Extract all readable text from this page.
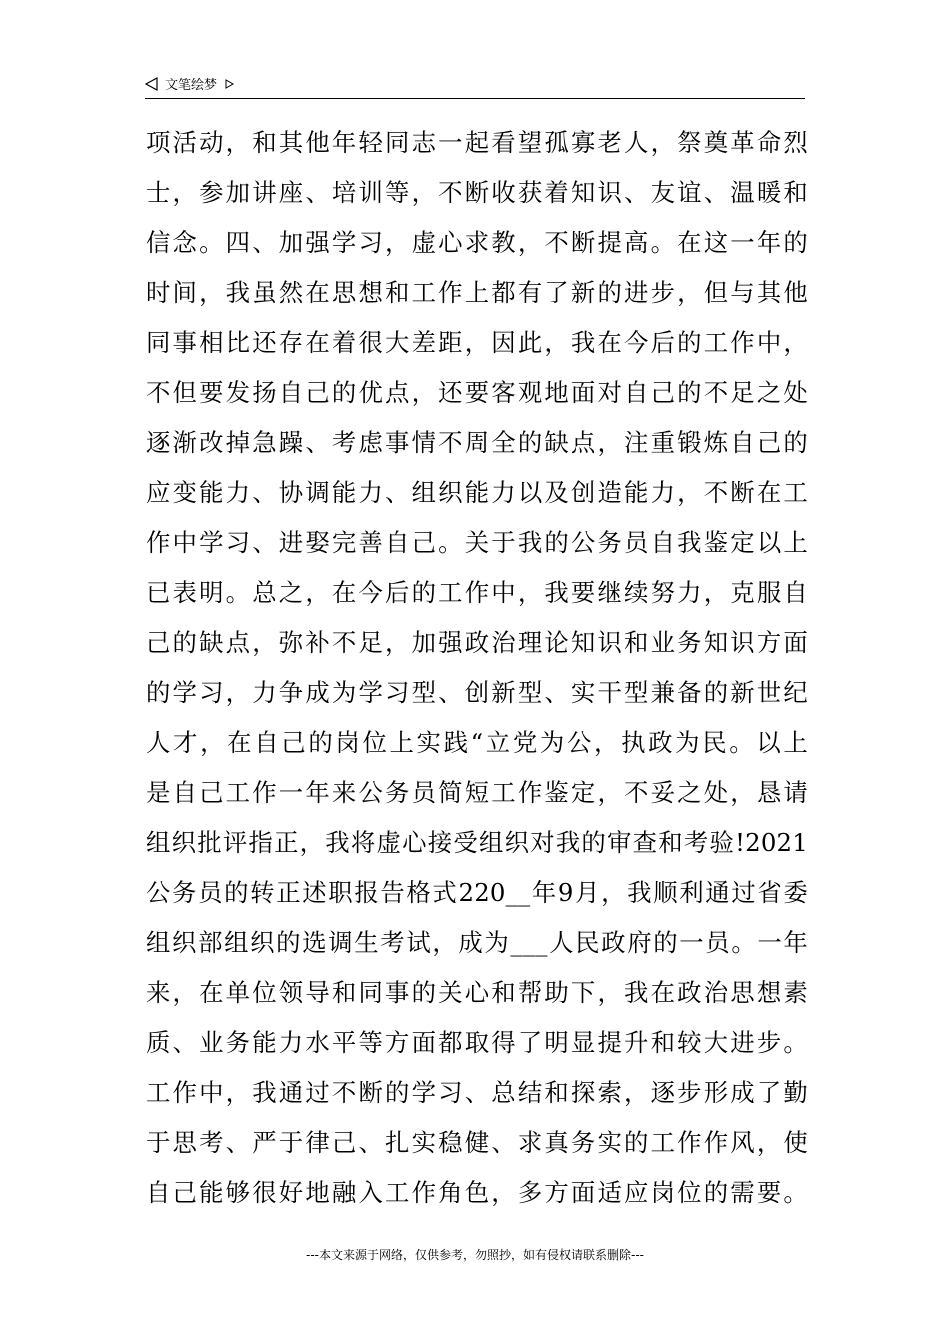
文笔绘梦
项活动，和其他年轻同志一起看望孤寡老人，祭奠革命烈
士，参加讲座、培训等，不断收获着知识、友谊、温暖和
信念。四、加强学习，虚心求教，不断提高。在这一年的
时间，我虽然在思想和工作上都有了新的进步，但与其他
同事相比还存在着很大差距，因此，我在今后的工作中，
不但要发扬自己的优点，还要客观地面对自己的不足之处
逐渐改掉急躁、考虑事情不周全的缺点，注重锻炼自己的
应变能力、协调能力、组织能力以及创造能力，不断在工
作中学习、进娶完善自己。关于我的公务员自我鉴定以上
已表明。总之，在今后的工作中，我要继续努力，克服自
己的缺点，弥补不足，加强政治理论知识和业务知识方面
的学习，力争成为学习型、创新型、实干型兼备的新世纪
人才，在自己的岗位上实践“立党为公，执政为民。以上
是自己工作一年来公务员简短工作鉴定，不妥之处，恳请
组织批评指正，我将虚心接受组织对我的审查和考验!2021
公务员的转正述职报告格式220__年9月，我顺利通过省委
组织部组织的选调生考试，成为___人民政府的一员。一年
来，在单位领导和同事的关心和帮助下，我在政治思想素
质、业务能力水平等方面都取得了明显提升和较大进步。
工作中，我通过不断的学习、总结和探索，逐步形成了勤
于思考、严于律己、扎实稳健、求真务实的工作作风，使
自己能够很好地融入工作角色，多方面适应岗位的需要。
---本文来源于网络，仅供参考，勿照抄，如有侵权请联系删除---
